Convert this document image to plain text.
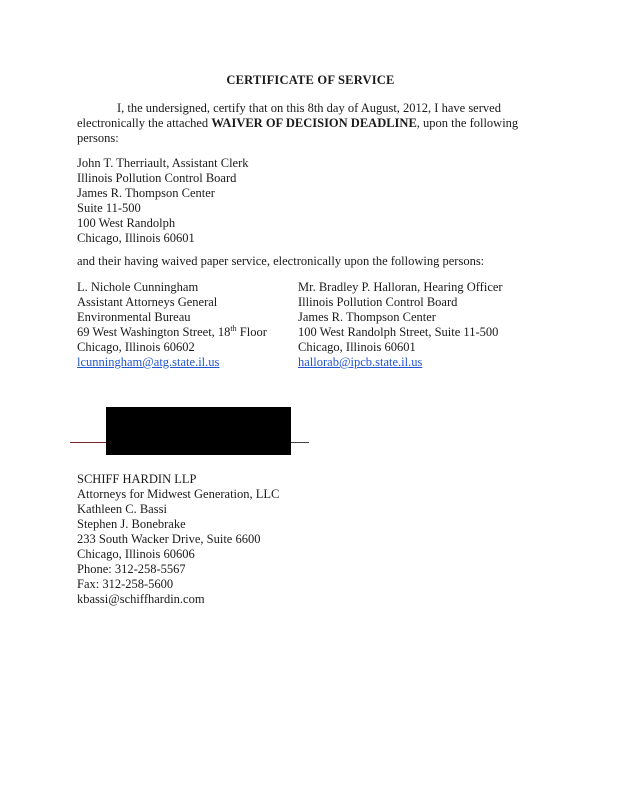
CERTIFICATE OF SERVICE
I, the undersigned, certify that on this 8th day of August, 2012, I have served electronically the attached WAIVER OF DECISION DEADLINE, upon the following persons:
John T. Therriault, Assistant Clerk
Illinois Pollution Control Board
James R. Thompson Center
Suite 11-500
100 West Randolph
Chicago, Illinois 60601
and their having waived paper service, electronically upon the following persons:
L. Nichole Cunningham
Assistant Attorneys General
Environmental Bureau
69 West Washington Street, 18th Floor
Chicago, Illinois 60602
lcunningham@atg.state.il.us
Mr. Bradley P. Halloran, Hearing Officer
Illinois Pollution Control Board
James R. Thompson Center
100 West Randolph Street, Suite 11-500
Chicago, Illinois 60601
hallorab@ipcb.state.il.us
SCHIFF HARDIN LLP
Attorneys for Midwest Generation, LLC
Kathleen C. Bassi
Stephen J. Bonebrake
233 South Wacker Drive, Suite 6600
Chicago, Illinois 60606
Phone: 312-258-5567
Fax: 312-258-5600
kbassi@schiffhardin.com
